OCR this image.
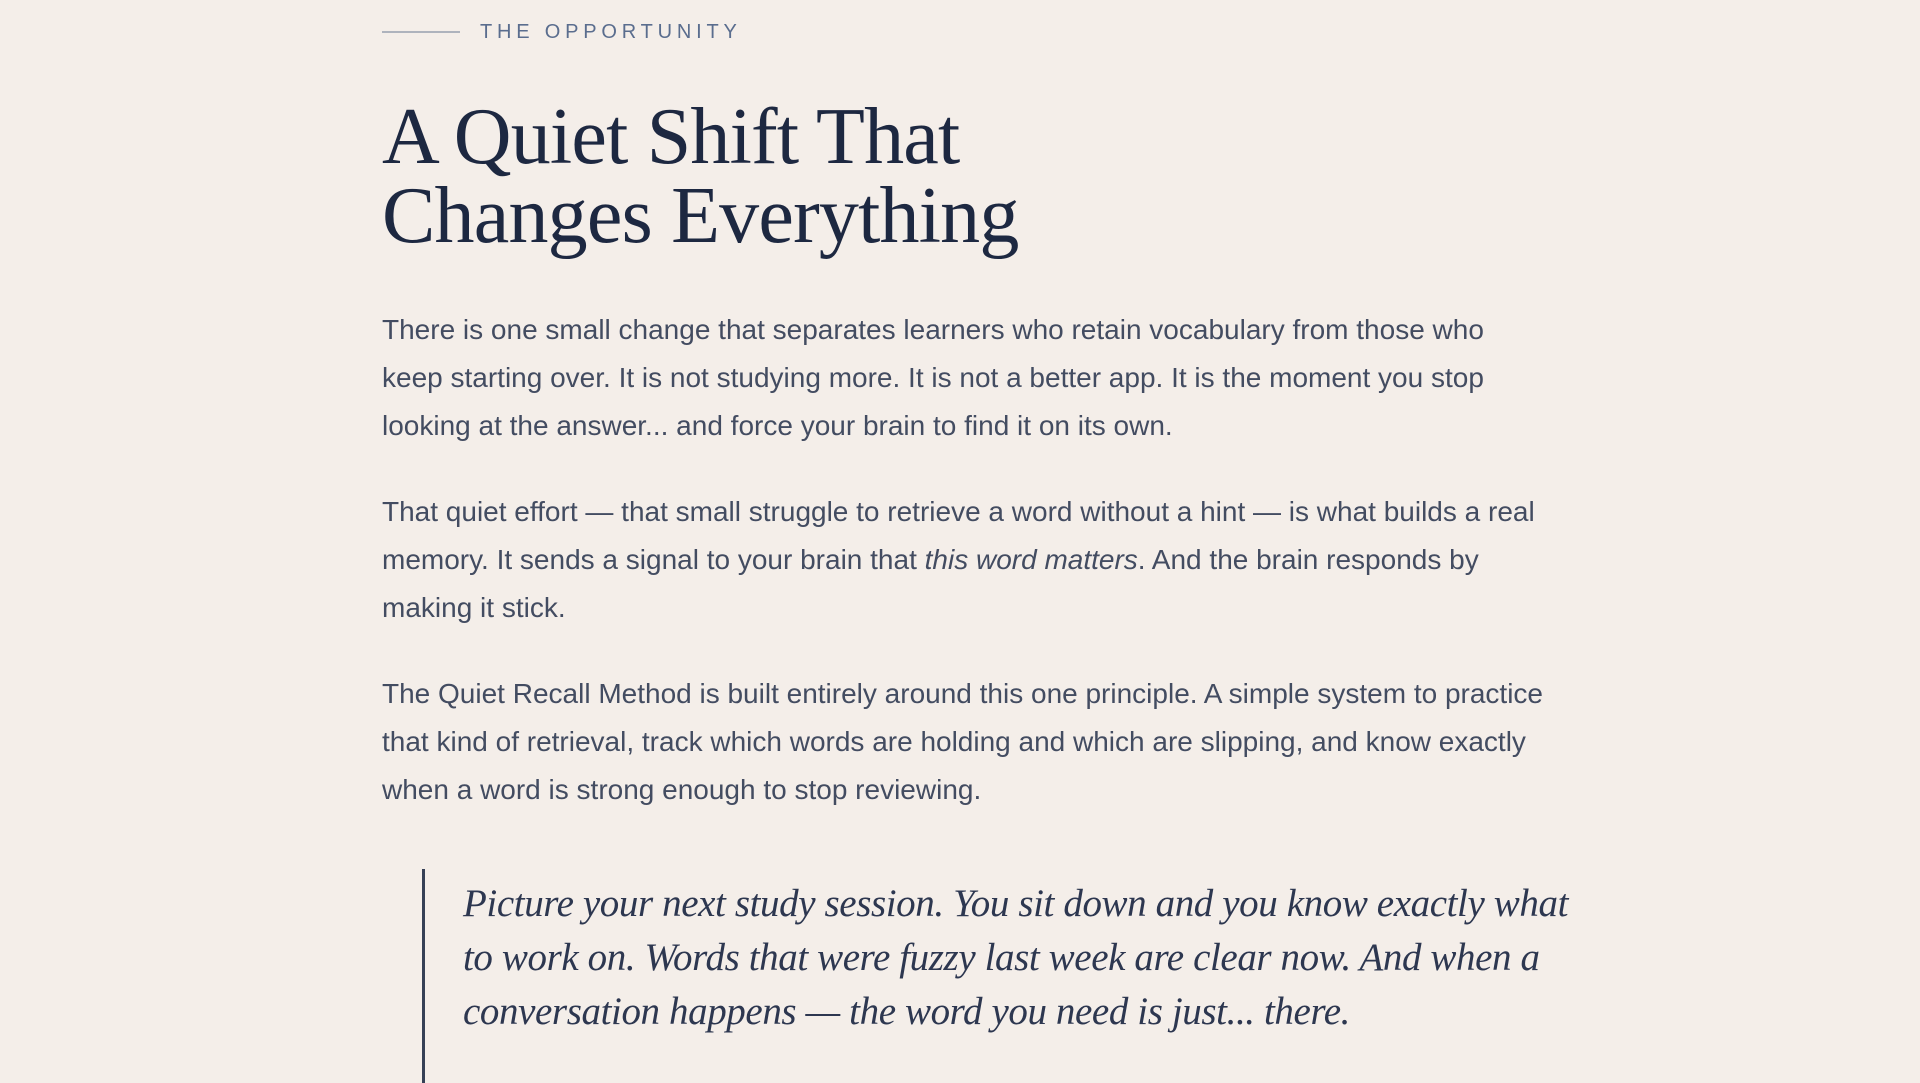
THE OPPORTUNITY
A Quiet Shift That Changes Everything

There is one small change that separates learners who retain vocabulary from those who keep starting over. It is not studying more. It is not a better app. It is the moment you stop looking at the answer... and force your brain to find it on its own.

That quiet effort — that small struggle to retrieve a word without a hint — is what builds a real memory. It sends a signal to your brain that this word matters. And the brain responds by making it stick.

The Quiet Recall Method is built entirely around this one principle. A simple system to practice that kind of retrieval, track which words are holding and which are slipping, and know exactly when a word is strong enough to stop reviewing.

Picture your next study session. You sit down and you know exactly what to work on. Words that were fuzzy last week are clear now. And when a conversation happens — the word you need is just... there.
